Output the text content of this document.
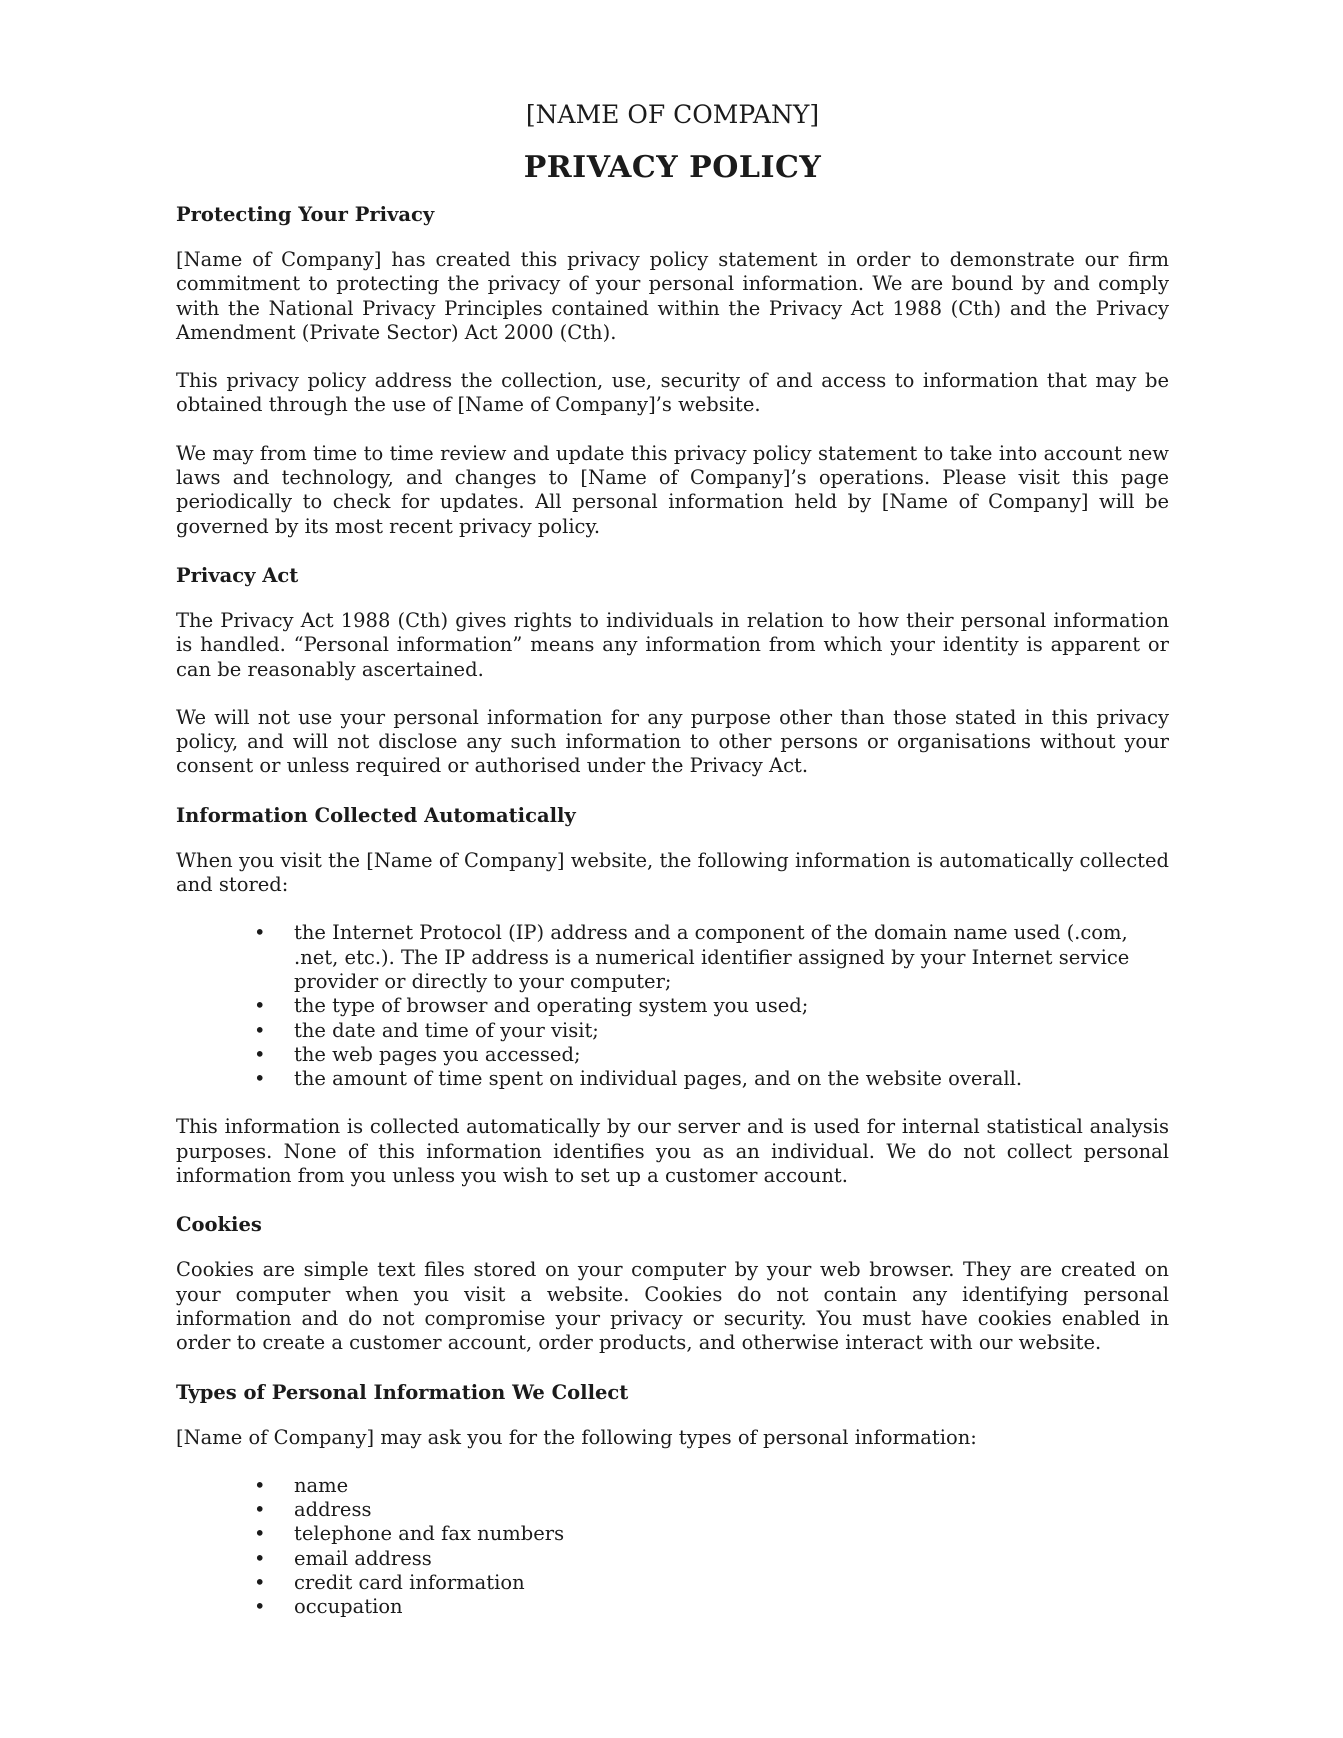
[NAME OF COMPANY]
PRIVACY POLICY
Protecting Your Privacy

[Name of Company] has created this privacy policy statement in order to demonstrate our firm commitment to protecting the privacy of your personal information. We are bound by and comply with the National Privacy Principles contained within the Privacy Act 1988 (Cth) and the Privacy Amendment (Private Sector) Act 2000 (Cth).

This privacy policy address the collection, use, security of and access to information that may be obtained through the use of [Name of Company]’s website.

We may from time to time review and update this privacy policy statement to take into account new laws and technology, and changes to [Name of Company]’s operations. Please visit this page periodically to check for updates. All personal information held by [Name of Company] will be governed by its most recent privacy policy.

Privacy Act

The Privacy Act 1988 (Cth) gives rights to individuals in relation to how their personal information is handled. “Personal information” means any information from which your identity is apparent or can be reasonably ascertained.

We will not use your personal information for any purpose other than those stated in this privacy policy, and will not disclose any such information to other persons or organisations without your consent or unless required or authorised under the Privacy Act.

Information Collected Automatically

When you visit the [Name of Company] website, the following information is automatically collected and stored:

• the Internet Protocol (IP) address and a component of the domain name used (.com, .net, etc.). The IP address is a numerical identifier assigned by your Internet service provider or directly to your computer;
• the type of browser and operating system you used;
• the date and time of your visit;
• the web pages you accessed;
• the amount of time spent on individual pages, and on the website overall.

This information is collected automatically by our server and is used for internal statistical analysis purposes. None of this information identifies you as an individual. We do not collect personal information from you unless you wish to set up a customer account.

Cookies

Cookies are simple text files stored on your computer by your web browser. They are created on your computer when you visit a website. Cookies do not contain any identifying personal information and do not compromise your privacy or security. You must have cookies enabled in order to create a customer account, order products, and otherwise interact with our website.

Types of Personal Information We Collect

[Name of Company] may ask you for the following types of personal information:

• name
• address
• telephone and fax numbers
• email address
• credit card information
• occupation
